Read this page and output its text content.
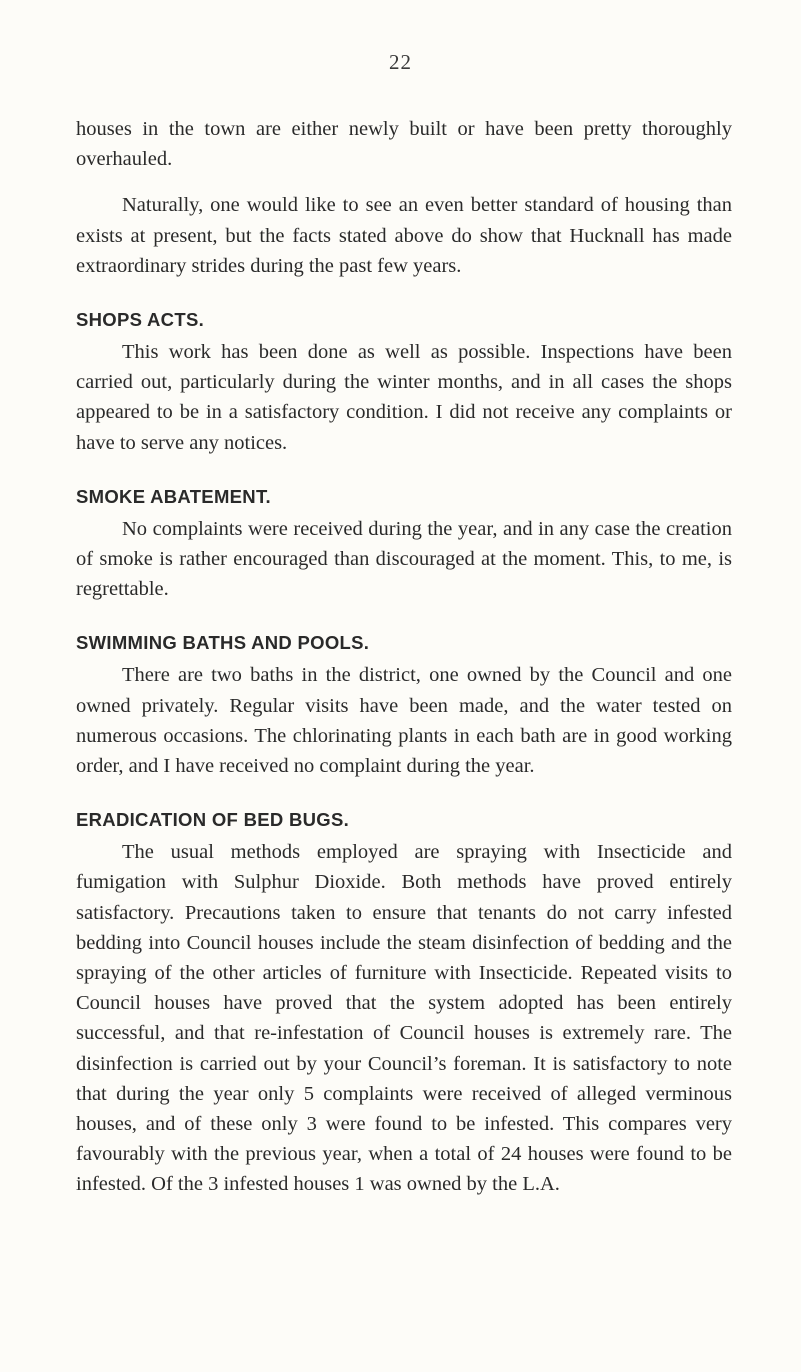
22

houses in the town are either newly built or have been pretty thoroughly overhauled.

Naturally, one would like to see an even better standard of housing than exists at present, but the facts stated above do show that Hucknall has made extraordinary strides during the past few years.

SHOPS ACTS.

This work has been done as well as possible. Inspections have been carried out, particularly during the winter months, and in all cases the shops appeared to be in a satisfactory condition. I did not receive any complaints or have to serve any notices.

SMOKE ABATEMENT.

No complaints were received during the year, and in any case the creation of smoke is rather encouraged than discouraged at the moment. This, to me, is regrettable.

SWIMMING BATHS AND POOLS.

There are two baths in the district, one owned by the Council and one owned privately. Regular visits have been made, and the water tested on numerous occasions. The chlorinating plants in each bath are in good working order, and I have received no complaint during the year.

ERADICATION OF BED BUGS.

The usual methods employed are spraying with Insecticide and fumigation with Sulphur Dioxide. Both methods have proved entirely satisfactory. Precautions taken to ensure that tenants do not carry infested bedding into Council houses include the steam disinfection of bedding and the spraying of the other articles of furniture with Insecticide. Repeated visits to Council houses have proved that the system adopted has been entirely successful, and that re-infestation of Council houses is extremely rare. The disinfection is carried out by your Council’s foreman. It is satisfactory to note that during the year only 5 complaints were received of alleged verminous houses, and of these only 3 were found to be infested. This compares very favourably with the previous year, when a total of 24 houses were found to be infested. Of the 3 infested houses 1 was owned by the L.A.
